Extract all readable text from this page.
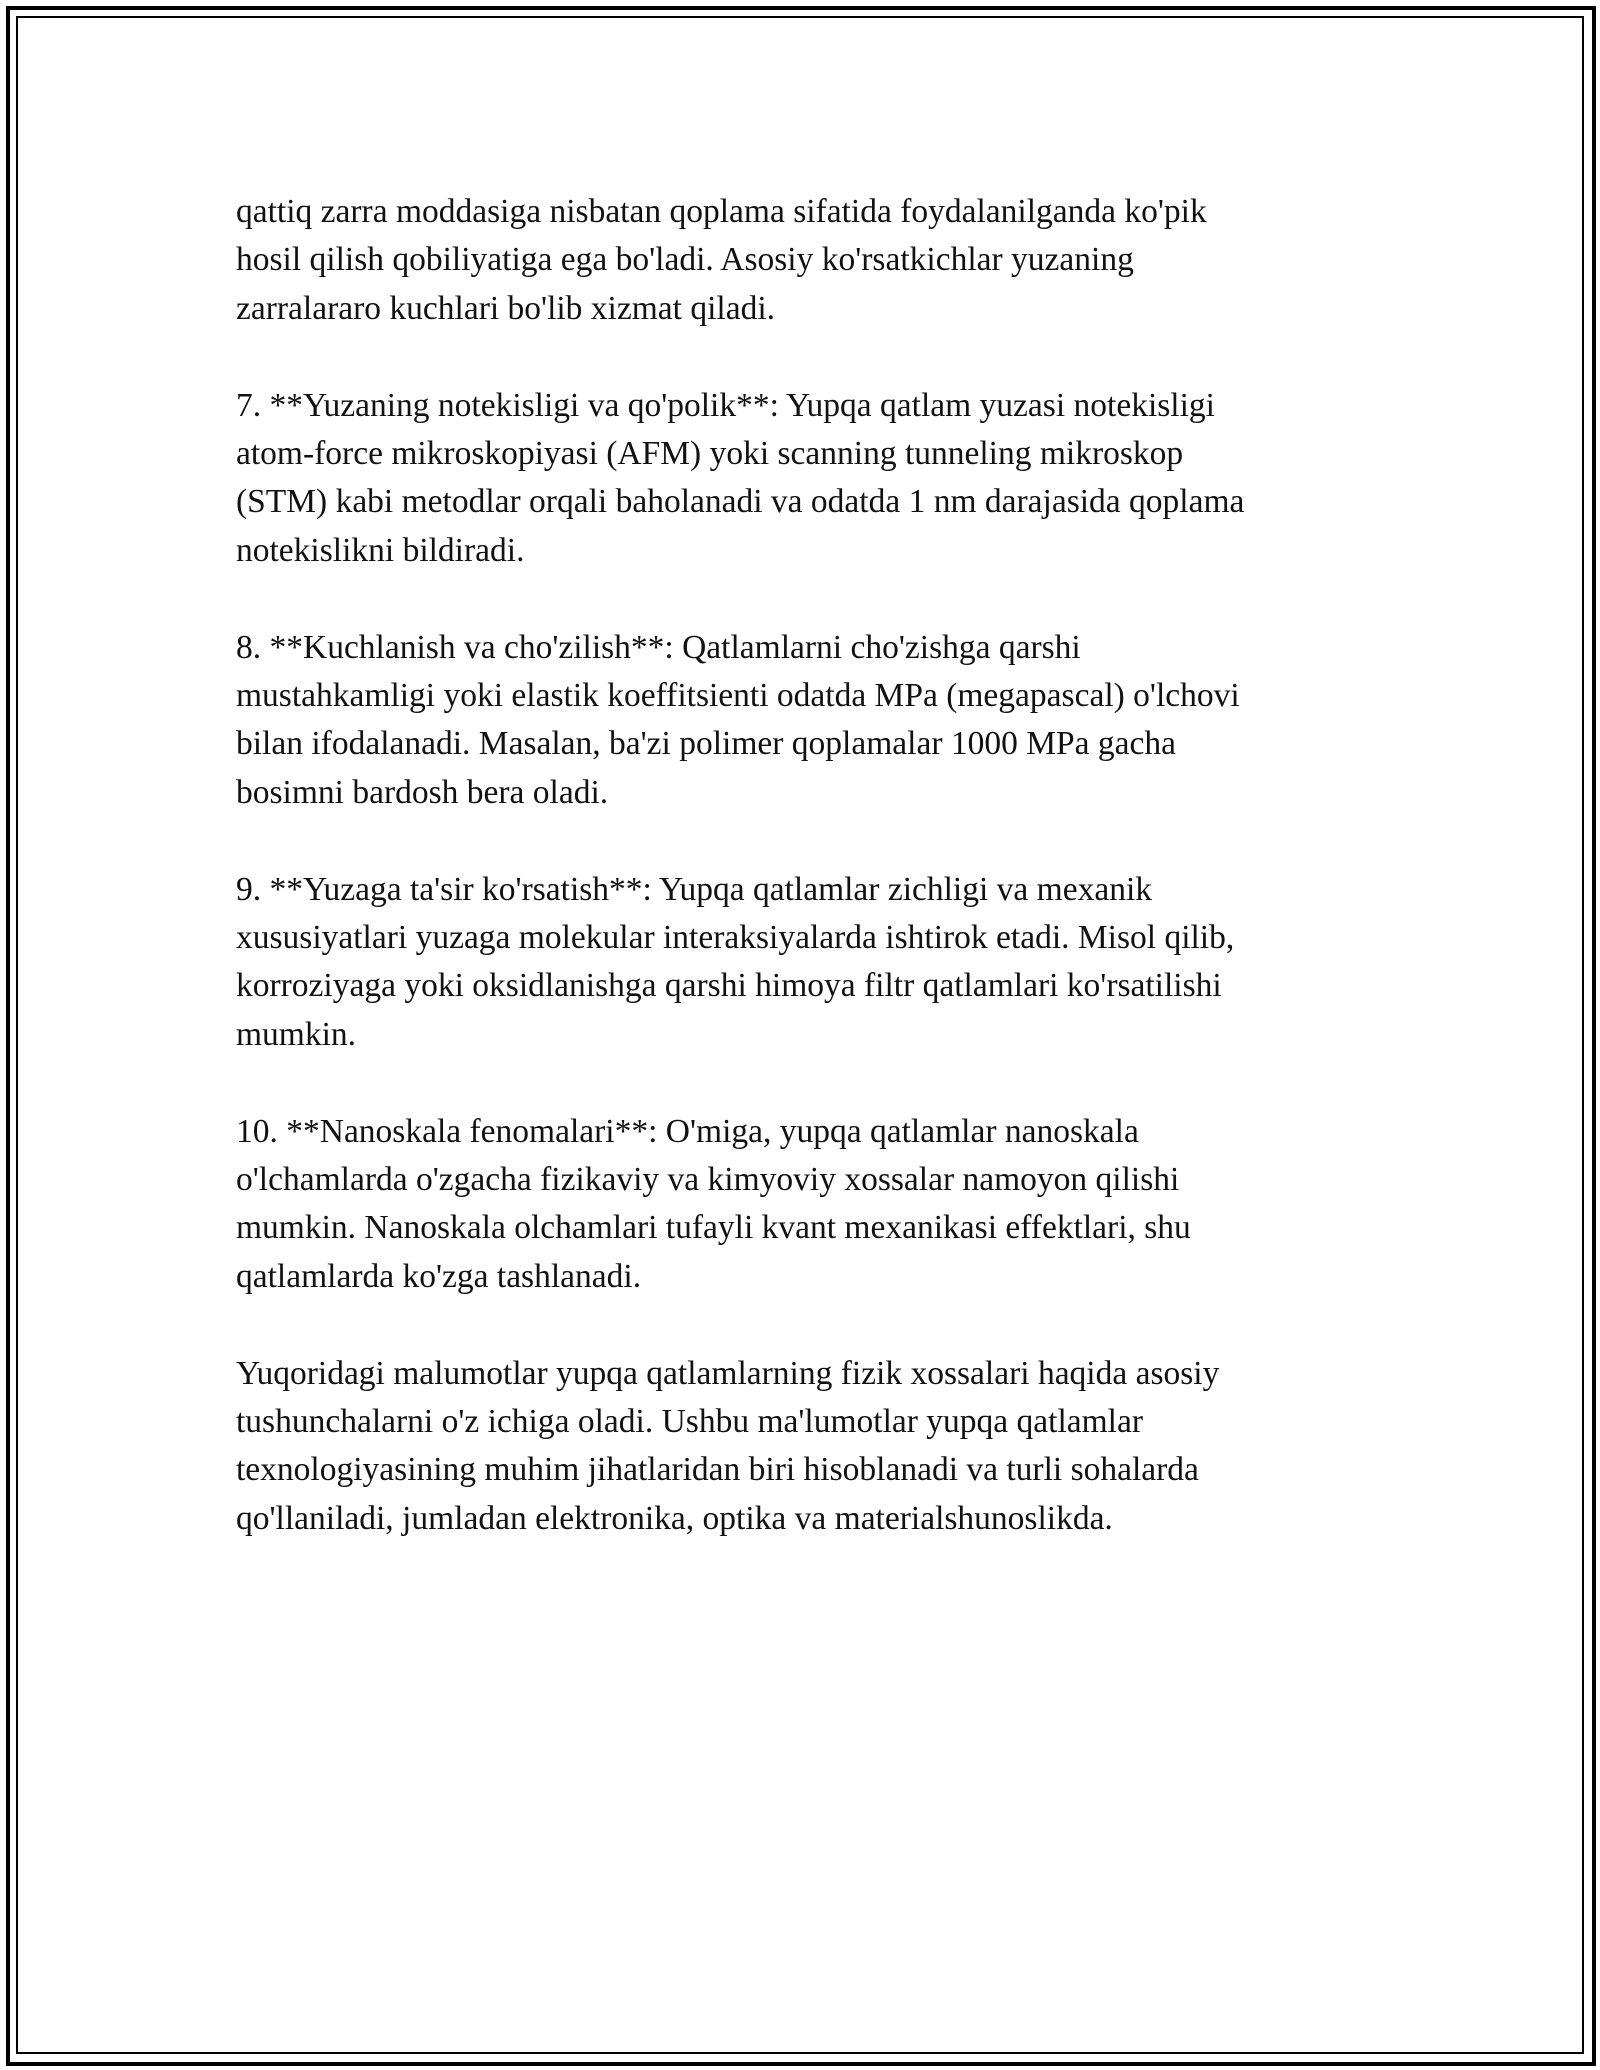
qattiq zarra moddasiga nisbatan qoplama sifatida foydalanilganda ko'pik
hosil qilish qobiliyatiga ega bo'ladi. Asosiy ko'rsatkichlar yuzaning
zarralararo kuchlari bo'lib xizmat qiladi.

7. **Yuzaning notekisligi va qo'polik**: Yupqa qatlam yuzasi notekisligi
atom-force mikroskopiyasi (AFM) yoki scanning tunneling mikroskop
(STM) kabi metodlar orqali baholanadi va odatda 1 nm darajasida qoplama
notekislikni bildiradi.

8. **Kuchlanish va cho'zilish**: Qatlamlarni cho'zishga qarshi
mustahkamligi yoki elastik koeffitsienti odatda MPa (megapascal) o'lchovi
bilan ifodalanadi. Masalan, ba'zi polimer qoplamalar 1000 MPa gacha
bosimni bardosh bera oladi.

9. **Yuzaga ta'sir ko'rsatish**: Yupqa qatlamlar zichligi va mexanik
xususiyatlari yuzaga molekular interaksiyalarda ishtirok etadi. Misol qilib,
korroziyaga yoki oksidlanishga qarshi himoya filtr qatlamlari ko'rsatilishi
mumkin.

10. **Nanoskala fenomalari**: O'miga, yupqa qatlamlar nanoskala
o'lchamlarda o'zgacha fizikaviy va kimyoviy xossalar namoyon qilishi
mumkin. Nanoskala olchamlari tufayli kvant mexanikasi effektlari, shu
qatlamlarda ko'zga tashlanadi.

Yuqoridagi malumotlar yupqa qatlamlarning fizik xossalari haqida asosiy
tushunchalarni o'z ichiga oladi. Ushbu ma'lumotlar yupqa qatlamlar
texnologiyasining muhim jihatlaridan biri hisoblanadi va turli sohalarda
qo'llaniladi, jumladan elektronika, optika va materialshunoslikda.
